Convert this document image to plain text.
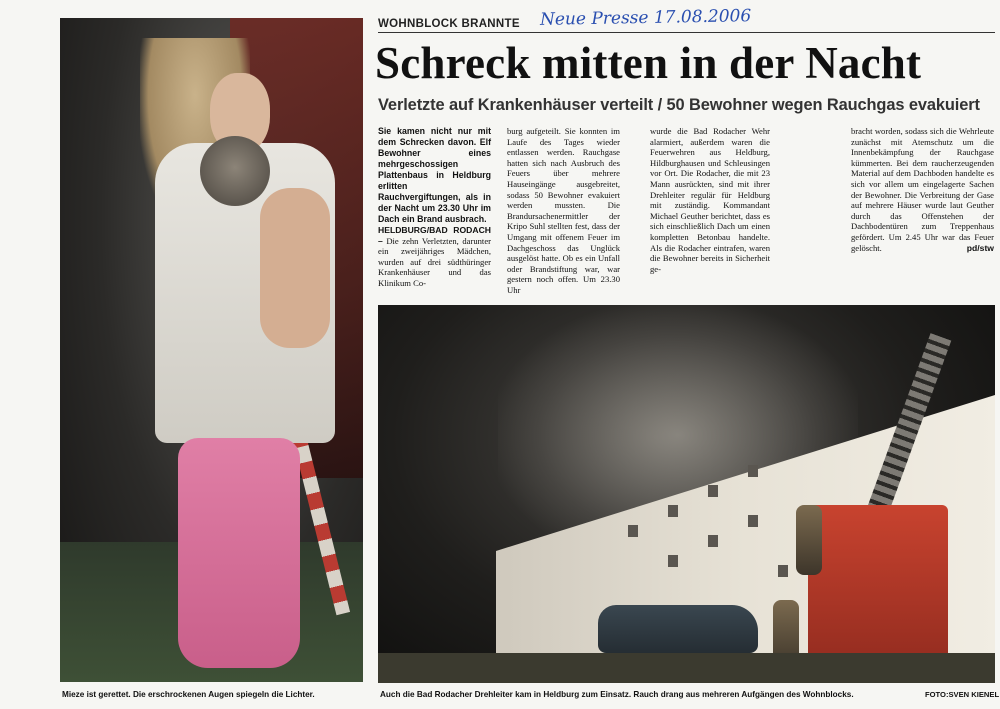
Mieze ist gerettet. Die erschrockenen Augen spiegeln die Lichter.
WOHNBLOCK BRANNTE Neue Presse 17.08.2006
Schreck mitten in der Nacht
Verletzte auf Krankenhäuser verteilt / 50 Bewohner wegen Rauchgas evakuiert

Sie kamen nicht nur mit dem Schrecken davon. Elf Bewohner eines mehrgeschossigen Plattenbaus in Heldburg erlitten Rauchvergiftungen, als in der Nacht um 23.30 Uhr im Dach ein Brand ausbrach.

HELDBURG/BAD RODACH – Die zehn Verletzten, darunter ein zweijähriges Mädchen, wurden auf drei südthüringer Krankenhäuser und das Klinikum Co-

burg aufgeteilt. Sie konnten im Laufe des Tages wieder entlassen werden. Rauchgase hatten sich nach Ausbruch des Feuers über mehrere Hauseingänge ausgebreitet, sodass 50 Bewohner evakuiert werden mussten. Die Brandursachenermittler der Kripo Suhl stellten fest, dass der Umgang mit offenem Feuer im Dachgeschoss das Unglück ausgelöst hatte. Ob es ein Unfall oder Brandstiftung war, war gestern noch offen. Um 23.30 Uhr

wurde die Bad Rodacher Wehr alarmiert, außerdem waren die Feuerwehren aus Heldburg, Hildburghausen und Schleusingen vor Ort. Die Rodacher, die mit 23 Mann ausrückten, sind mit ihrer Drehleiter regulär für Heldburg mit zuständig. Kommandant Michael Geuther berichtet, dass es sich einschließlich Dach um einen kompletten Betonbau handelte. Als die Rodacher eintrafen, waren die Bewohner bereits in Sicherheit ge-

bracht worden, sodass sich die Wehrleute zunächst mit Atemschutz um die Innenbekämpfung der Rauchgase kümmerten. Bei dem raucherzeugenden Material auf dem Dachboden handelte es sich vor allem um eingelagerte Sachen der Bewohner. Die Verbreitung der Gase auf mehrere Häuser wurde laut Geuther durch das Offenstehen der Dachbodentüren zum Treppenhaus gefördert. Um 2.45 Uhr war das Feuer gelöscht.	pd/stw

Auch die Bad Rodacher Drehleiter kam in Heldburg zum Einsatz. Rauch drang aus mehreren Aufgängen des Wohnblocks.	FOTO:SVEN KIENEL
